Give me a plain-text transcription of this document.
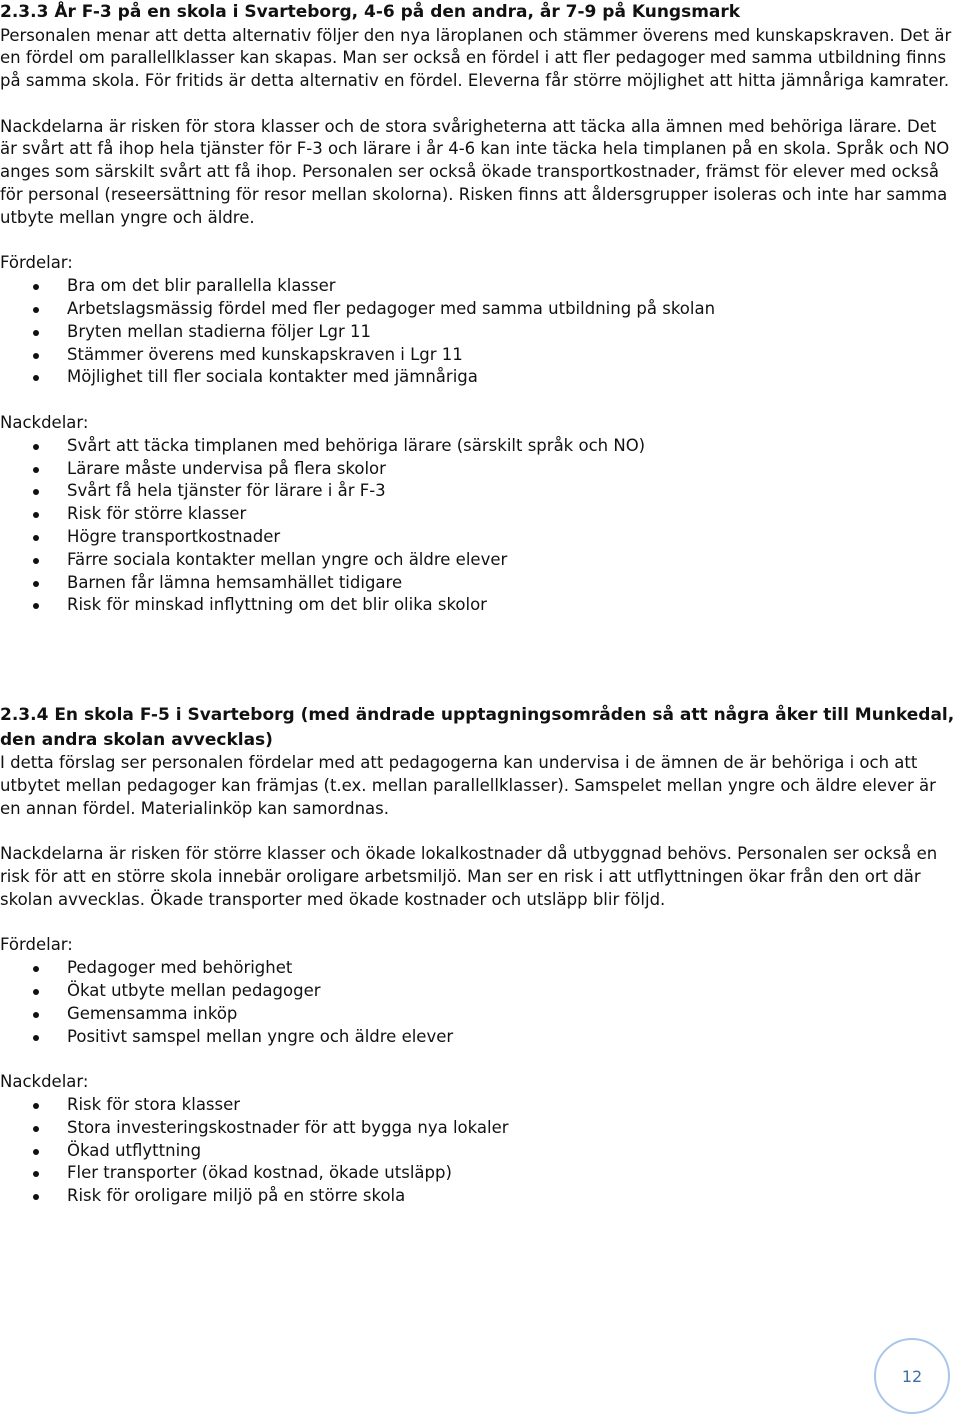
2.3.3 År F-3 på en skola i Svarteborg, 4-6 på den andra, år 7-9 på Kungsmark

Personalen menar att detta alternativ följer den nya läroplanen och stämmer överens med kunskapskraven. Det är en fördel om parallellklasser kan skapas. Man ser också en fördel i att fler pedagoger med samma utbildning finns på samma skola. För fritids är detta alternativ en fördel. Eleverna får större möjlighet att hitta jämnåriga kamrater.

Nackdelarna är risken för stora klasser och de stora svårigheterna att täcka alla ämnen med behöriga lärare. Det är svårt att få ihop hela tjänster för F-3 och lärare i år 4-6 kan inte täcka hela timplanen på en skola. Språk och NO anges som särskilt svårt att få ihop. Personalen ser också ökade transportkostnader, främst för elever med också för personal (reseersättning för resor mellan skolorna). Risken finns att åldersgrupper isoleras och inte har samma utbyte mellan yngre och äldre.

Fördelar:

Bra om det blir parallella klasser
Arbetslagsmässig fördel med fler pedagoger med samma utbildning på skolan
Bryten mellan stadierna följer Lgr 11
Stämmer överens med kunskapskraven i Lgr 11
Möjlighet till fler sociala kontakter med jämnåriga

Nackdelar:

Svårt att täcka timplanen med behöriga lärare (särskilt språk och NO)
Lärare måste undervisa på flera skolor
Svårt få hela tjänster för lärare i år F-3
Risk för större klasser
Högre transportkostnader
Färre sociala kontakter mellan yngre och äldre elever
Barnen får lämna hemsamhället tidigare
Risk för minskad inflyttning om det blir olika skolor
2.3.4 En skola F-5 i Svarteborg (med ändrade upptagningsområden så att några åker till Munkedal, den andra skolan avvecklas)

I detta förslag ser personalen fördelar med att pedagogerna kan undervisa i de ämnen de är behöriga i och att utbytet mellan pedagoger kan främjas (t.ex. mellan parallellklasser). Samspelet mellan yngre och äldre elever är en annan fördel. Materialinköp kan samordnas.

Nackdelarna är risken för större klasser och ökade lokalkostnader då utbyggnad behövs. Personalen ser också en risk för att en större skola innebär oroligare arbetsmiljö. Man ser en risk i att utflyttningen ökar från den ort där skolan avvecklas. Ökade transporter med ökade kostnader och utsläpp blir följd.

Fördelar:

Pedagoger med behörighet
Ökat utbyte mellan pedagoger
Gemensamma inköp
Positivt samspel mellan yngre och äldre elever

Nackdelar:

Risk för stora klasser
Stora investeringskostnader för att bygga nya lokaler
Ökad utflyttning
Fler transporter (ökad kostnad, ökade utsläpp)
Risk för oroligare miljö på en större skola
12
